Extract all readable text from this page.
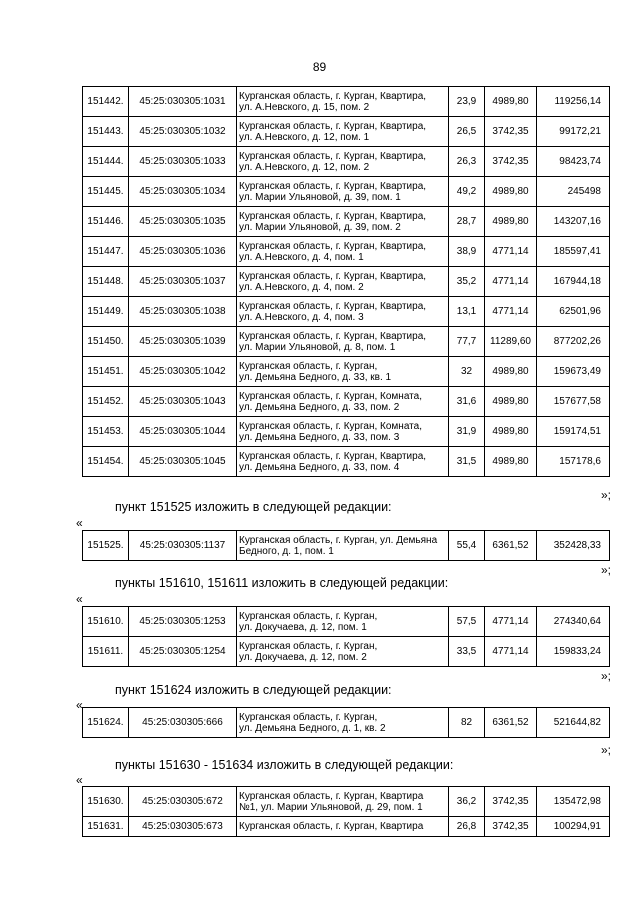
89
151442.	45:25:030305:1031	Курганская область, г. Курган, Квартира,
ул. А.Невского, д. 15, пом. 2	23,9	4989,80	119256,14
151443.	45:25:030305:1032	Курганская область, г. Курган, Квартира,
ул. А.Невского, д. 12, пом. 1	26,5	3742,35	99172,21
151444.	45:25:030305:1033	Курганская область, г. Курган, Квартира,
ул. А.Невского, д. 12, пом. 2	26,3	3742,35	98423,74
151445.	45:25:030305:1034	Курганская область, г. Курган, Квартира,
ул. Марии Ульяновой, д. 39, пом. 1	49,2	4989,80	245498
151446.	45:25:030305:1035	Курганская область, г. Курган, Квартира,
ул. Марии Ульяновой, д. 39, пом. 2	28,7	4989,80	143207,16
151447.	45:25:030305:1036	Курганская область, г. Курган, Квартира,
ул. А.Невского, д. 4, пом. 1	38,9	4771,14	185597,41
151448.	45:25:030305:1037	Курганская область, г. Курган, Квартира,
ул. А.Невского, д. 4, пом. 2	35,2	4771,14	167944,18
151449.	45:25:030305:1038	Курганская область, г. Курган, Квартира,
ул. А.Невского, д. 4, пом. 3	13,1	4771,14	62501,96
151450.	45:25:030305:1039	Курганская область, г. Курган, Квартира,
ул. Марии Ульяновой, д. 8, пом. 1	77,7	11289,60	877202,26
151451.	45:25:030305:1042	Курганская область, г. Курган,
ул. Демьяна Бедного, д. 33, кв. 1	32	4989,80	159673,49
151452.	45:25:030305:1043	Курганская область, г. Курган, Комната,
ул. Демьяна Бедного, д. 33, пом. 2	31,6	4989,80	157677,58
151453.	45:25:030305:1044	Курганская область, г. Курган, Комната,
ул. Демьяна Бедного, д. 33, пом. 3	31,9	4989,80	159174,51
151454.	45:25:030305:1045	Курганская область, г. Курган, Квартира,
ул. Демьяна Бедного, д. 33, пом. 4	31,5	4989,80	157178,6
»;
пункт 151525 изложить в следующей редакции:
«
151525.	45:25:030305:1137	Курганская область, г. Курган, ул. Демьяна
Бедного, д. 1, пом. 1	55,4	6361,52	352428,33
»;
пункты 151610, 151611 изложить в следующей редакции:
«
151610.	45:25:030305:1253	Курганская область, г. Курган,
ул. Докучаева, д. 12, пом. 1	57,5	4771,14	274340,64
151611.	45:25:030305:1254	Курганская область, г. Курган,
ул. Докучаева, д. 12, пом. 2	33,5	4771,14	159833,24
»;
пункт 151624 изложить в следующей редакции:
«
151624.	45:25:030305:666	Курганская область, г. Курган,
ул. Демьяна Бедного, д. 1, кв. 2	82	6361,52	521644,82
»;
пункты 151630 - 151634 изложить в следующей редакции:
«
151630.	45:25:030305:672	Курганская область, г. Курган, Квартира
№1, ул. Марии Ульяновой, д. 29, пом. 1	36,2	3742,35	135472,98
151631.	45:25:030305:673	Курганская область, г. Курган, Квартира	26,8	3742,35	100294,91
